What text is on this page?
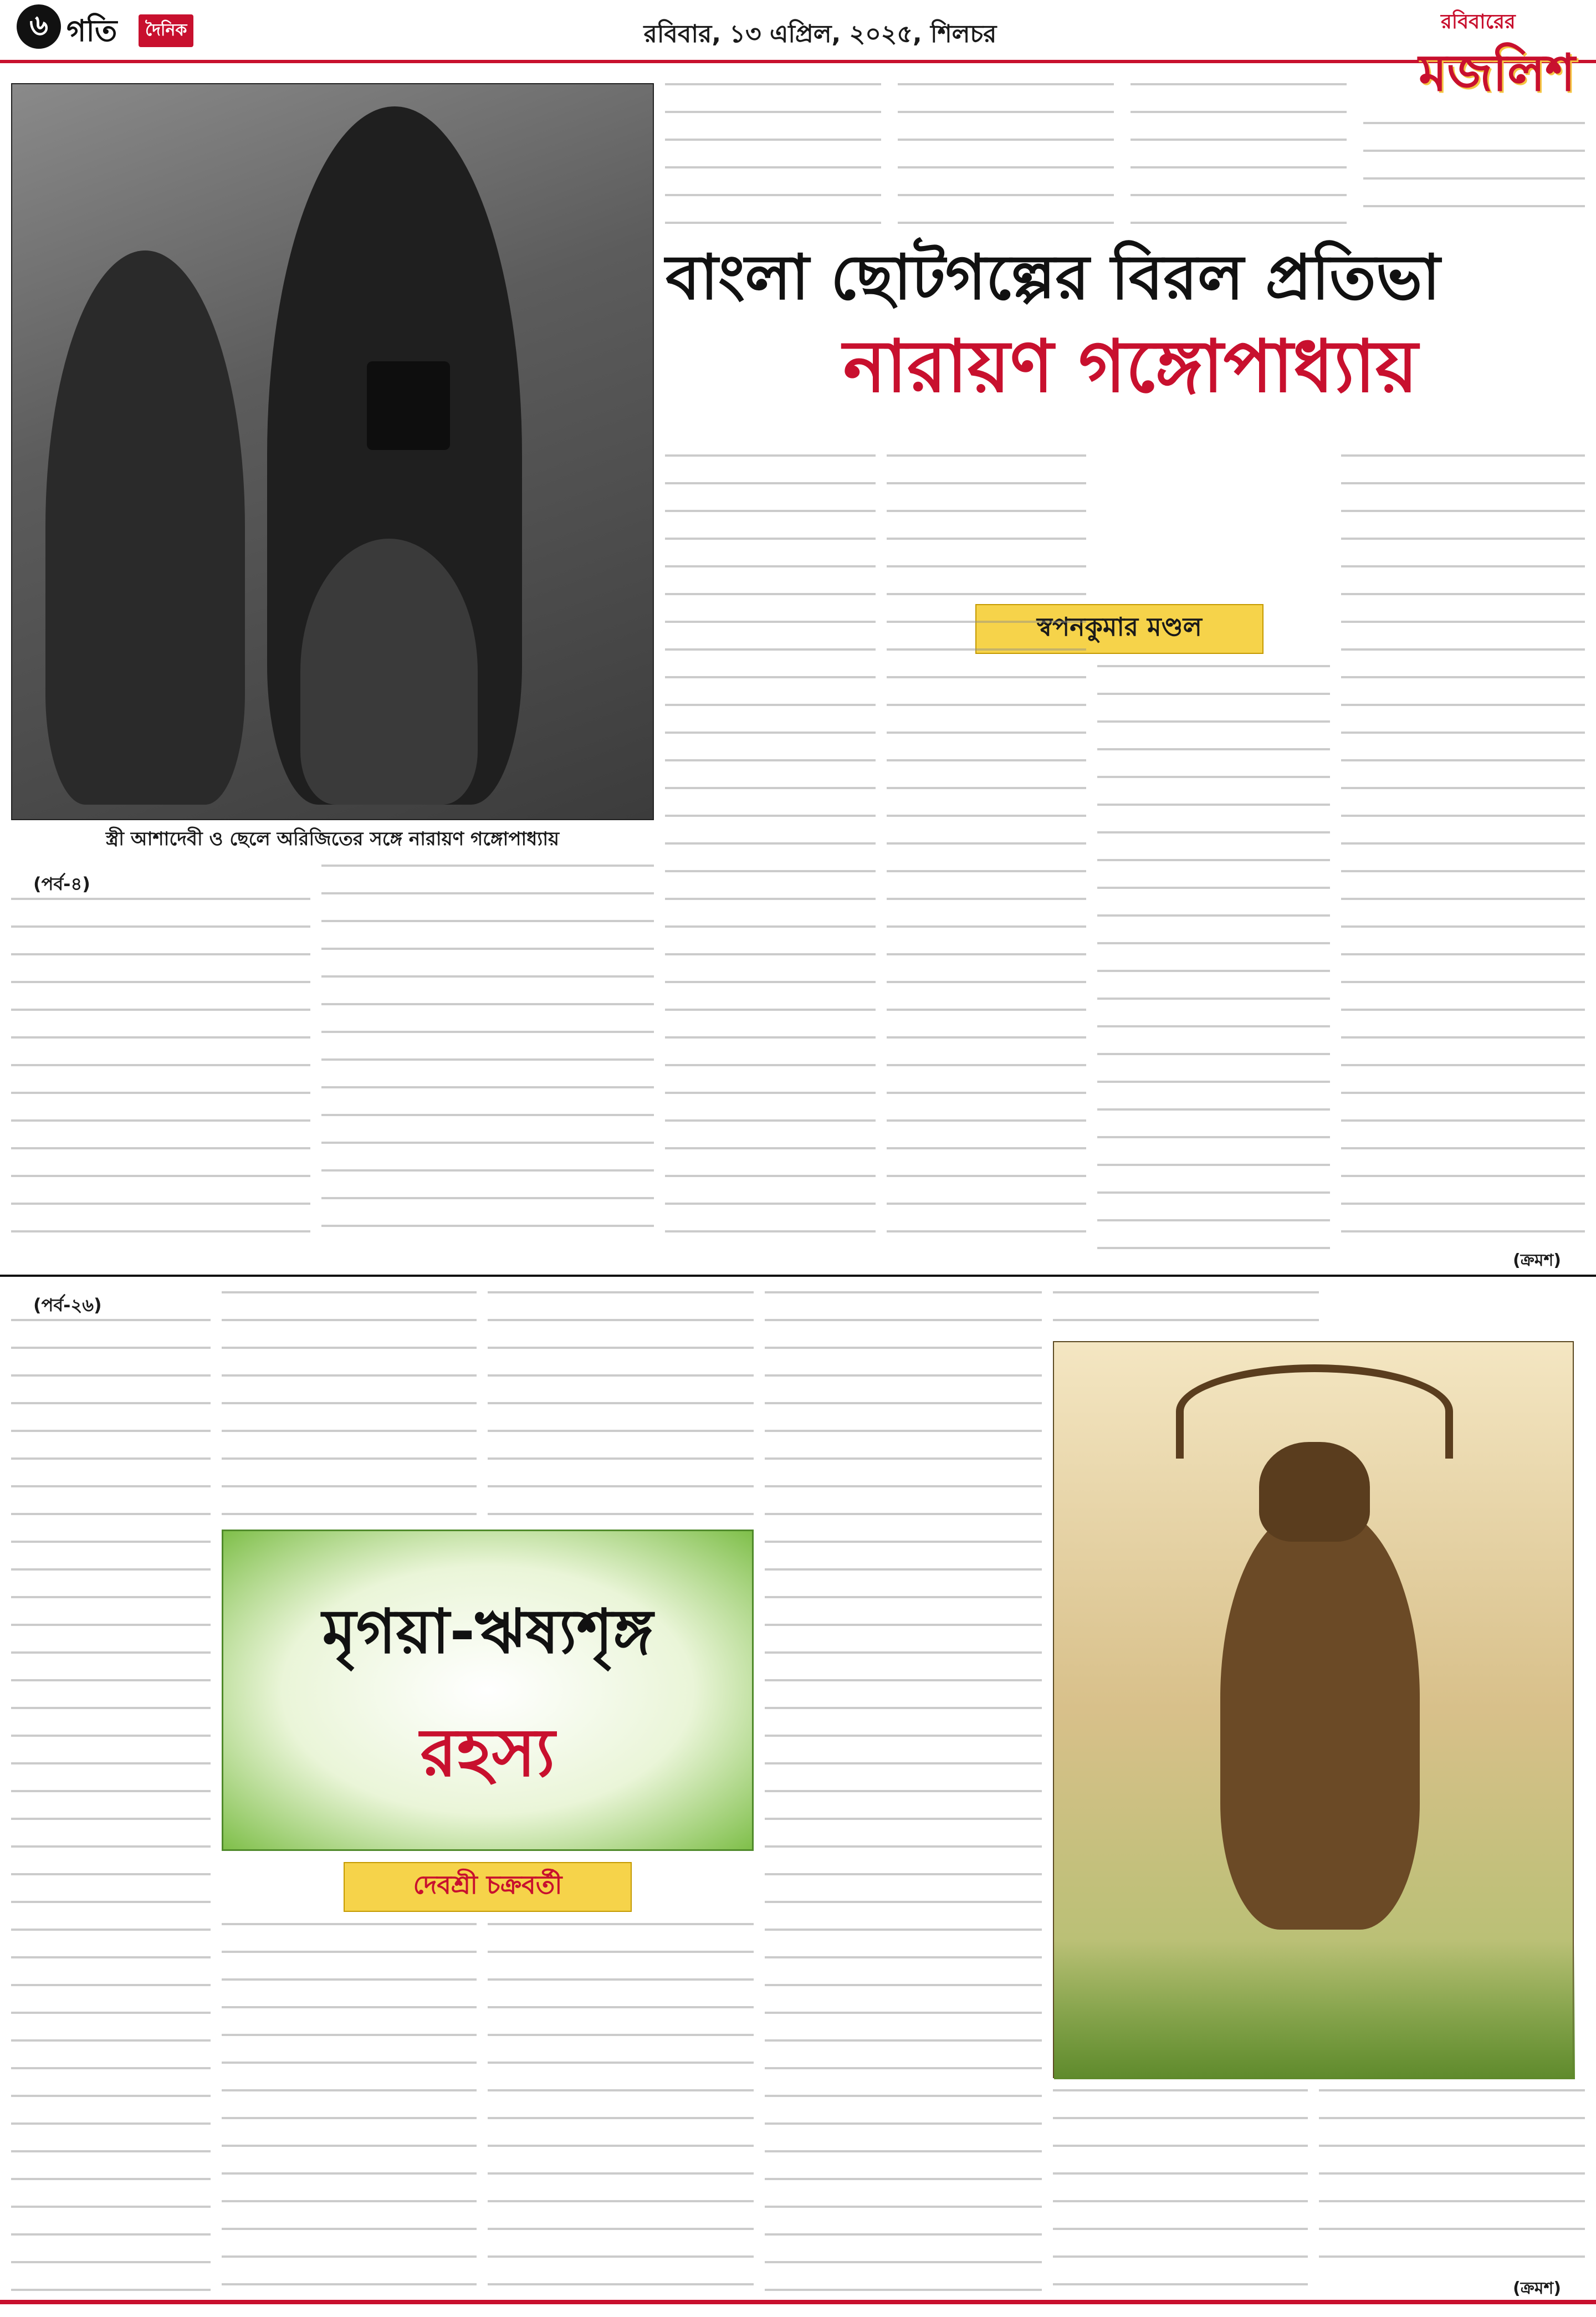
৬ গতি	দৈনিক	রবিবার, ১৩ এপ্রিল, ২০২৫, শিলচর	রবিবারের
মজলিশ
স্ত্রী আশাদেবী ও ছেলে অরিজিতের সঙ্গে নারায়ণ গঙ্গোপাধ্যায়
বাংলা ছোটগল্পের বিরল প্রতিভা
নারায়ণ গঙ্গোপাধ্যায়
স্বপনকুমার মণ্ডল
(পর্ব-৪)
(ক্রমশ)
(পর্ব-২৬)
মৃগয়া-ঋষ্যশৃঙ্গ
রহস্য
দেবশ্রী চক্রবর্তী
(ক্রমশ)
